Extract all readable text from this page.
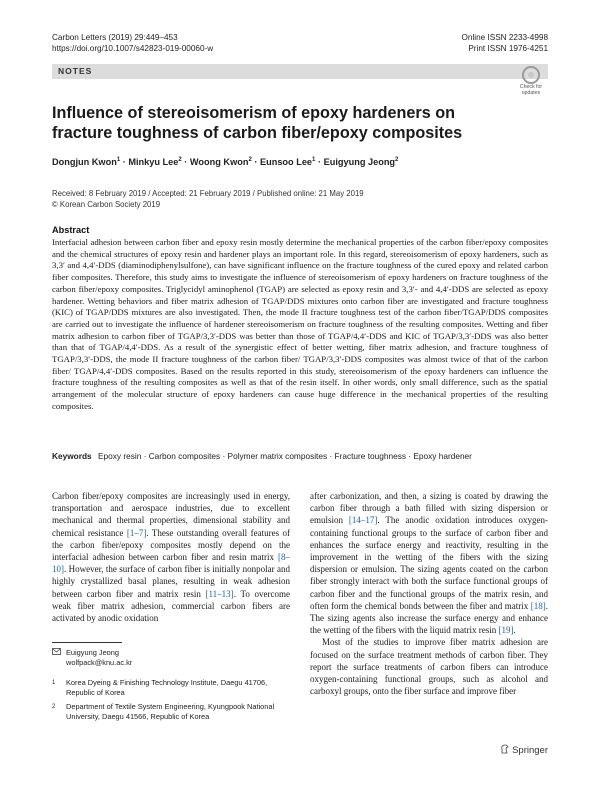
Carbon Letters (2019) 29:449–453
https://doi.org/10.1007/s42823-019-00060-w
Online ISSN 2233-4998
Print ISSN 1976-4251
NOTES
Check for
updates
Influence of stereoisomerism of epoxy hardeners on fracture toughness of carbon fiber/epoxy composites
Dongjun Kwon$^1$ · Minkyu Lee$^2$ · Woong Kwon$^2$ · Eunsoo Lee$^1$ · Euigyung Jeong$^2$
Received: 8 February 2019 / Accepted: 21 February 2019 / Published online: 21 May 2019
© Korean Carbon Society 2019
Abstract

Interfacial adhesion between carbon fiber and epoxy resin mostly determine the mechanical properties of the carbon fiber/epoxy composites and the chemical structures of epoxy resin and hardener plays an important role. In this regard, stereoisomerism of epoxy hardeners, such as 3,3′ and 4,4′-DDS (diaminodiphenylsulfone), can have significant influence on the fracture toughness of the cured epoxy and related carbon fiber composites. Therefore, this study aims to investigate the influence of stereoisomerism of epoxy hardeners on fracture toughness of the carbon fiber/epoxy composites. Triglycidyl aminophenol (TGAP) are selected as epoxy resin and 3,3′- and 4,4′-DDS are selected as epoxy hardener. Wetting behaviors and fiber matrix adhesion of TGAP/DDS mixtures onto carbon fiber are investigated and fracture toughness (KIC) of TGAP/DDS mixtures are also investigated. Then, the mode II fracture toughness test of the carbon fiber/TGAP/DDS composites are carried out to investigate the influence of hardener stereoisomerism on fracture toughness of the resulting composites. Wetting and fiber matrix adhesion to carbon fiber of TGAP/3,3′-DDS was better than those of TGAP/4,4′-DDS and KIC of TGAP/3,3′-DDS was also better than that of TGAP/4,4′-DDS. As a result of the synergistic effect of better wetting, fiber matrix adhesion, and fracture toughness of TGAP/3,3′-DDS, the mode II fracture toughness of the carbon fiber/ TGAP/3,3′-DDS composites was almost twice of that of the carbon fiber/ TGAP/4,4′-DDS composites. Based on the results reported in this study, stereoisomerism of the epoxy hardeners can influence the fracture toughness of the resulting composites as well as that of the resin itself. In other words, only small difference, such as the spatial arrangement of the molecular structure of epoxy hardeners can cause huge difference in the mechanical properties of the resulting composites.

Keywords Epoxy resin · Carbon composites · Polymer matrix composites · Fracture toughness · Epoxy hardener

Carbon fiber/epoxy composites are increasingly used in energy, transportation and aerospace industries, due to excellent mechanical and thermal properties, dimensional stability and chemical resistance [1–7]. These outstanding overall features of the carbon fiber/epoxy composites mostly depend on the interfacial adhesion between carbon fiber and resin matrix [8–10]. However, the surface of carbon fiber is initially nonpolar and highly crystallized basal planes, resulting in weak adhesion between carbon fiber and matrix resin [11–13]. To overcome weak fiber matrix adhesion, commercial carbon fibers are activated by anodic oxidation

after carbonization, and then, a sizing is coated by drawing the carbon fiber through a bath filled with sizing dispersion or emulsion [14–17]. The anodic oxidation introduces oxygen-containing functional groups to the surface of carbon fiber and enhances the surface energy and reactivity, resulting in the improvement in the wetting of the fibers with the sizing dispersion or emulsion. The sizing agents coated on the carbon fiber strongly interact with both the surface functional groups of carbon fiber and the functional groups of the matrix resin, and often form the chemical bonds between the fiber and matrix [18]. The sizing agents also increase the surface energy and enhance the wetting of the fibers with the liquid matrix resin [19].

Most of the studies to improve fiber matrix adhesion are focused on the surface treatment methods of carbon fiber. They report the surface treatments of carbon fibers can introduce oxygen-containing functional groups, such as alcohol and carboxyl groups, onto the fiber surface and improve fiber

Euigyung Jeong
wolfpack@knu.ac.kr
1 Korea Dyeing & Finishing Technology Institute, Daegu 41706, Republic of Korea
2 Department of Textile System Engineering, Kyungpook National University, Daegu 41566, Republic of Korea
Springer
